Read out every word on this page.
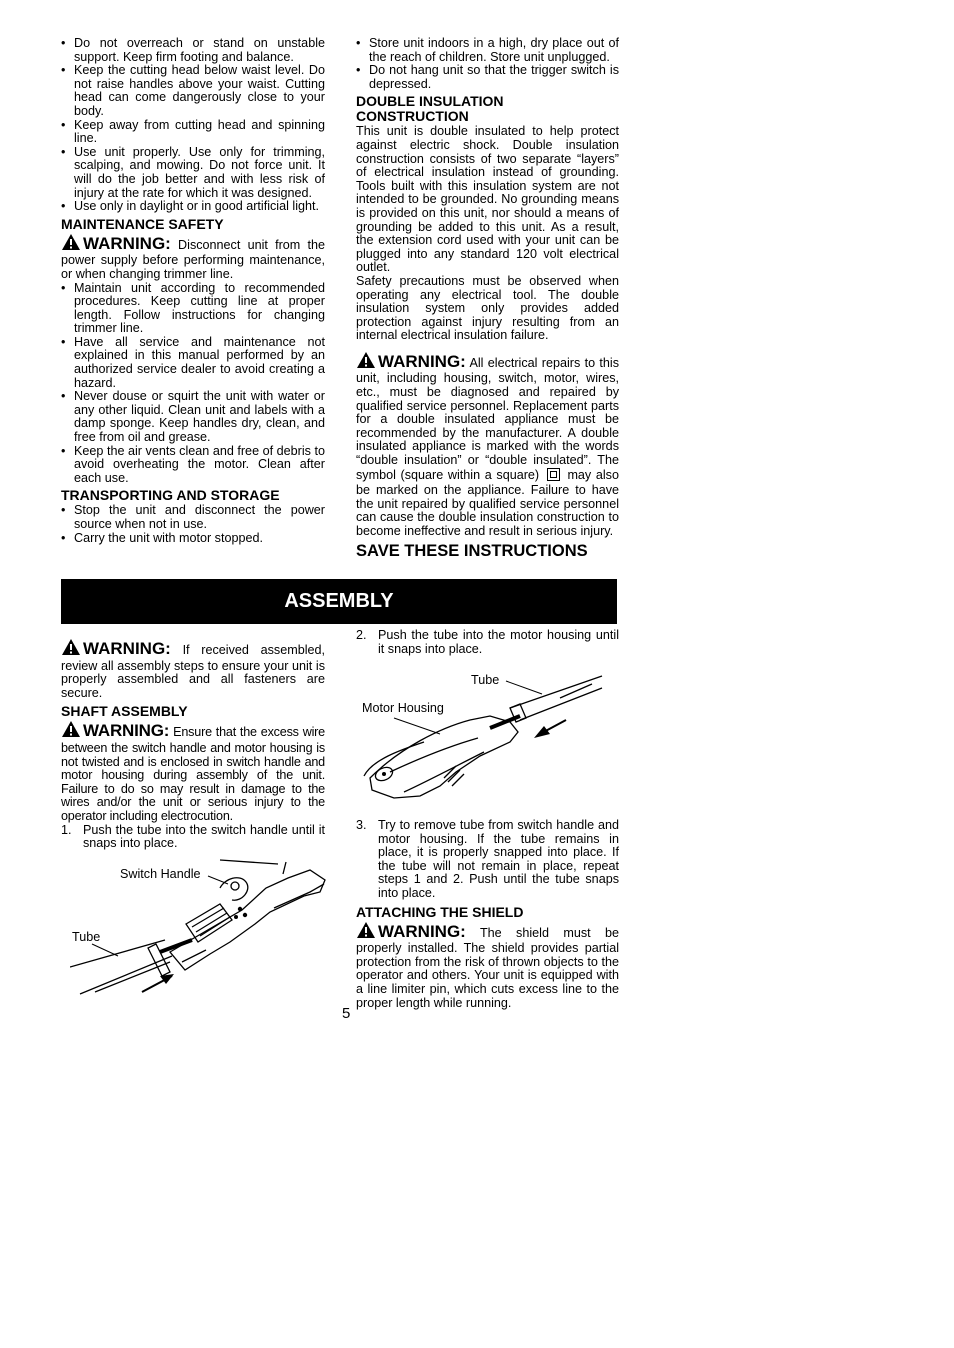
• Do not overreach or stand on unstable support. Keep firm footing and balance.
• Keep the cutting head below waist level. Do not raise handles above your waist. Cutting head can come dangerously close to your body.
• Keep away from cutting head and spinning line.
• Use unit properly. Use only for trimming, scalping, and mowing. Do not force unit. It will do the job better and with less risk of injury at the rate for which it was designed.
• Use only in daylight or in good artificial light.
MAINTENANCE SAFETY

WARNING: Disconnect unit from the power supply before performing maintenance, or when changing trimmer line.

• Maintain unit according to recommended procedures. Keep cutting line at proper length. Follow instructions for changing trimmer line.
• Have all service and maintenance not explained in this manual performed by an authorized service dealer to avoid creating a hazard.
• Never douse or squirt the unit with water or any other liquid. Clean unit and labels with a damp sponge. Keep handles dry, clean, and free from oil and grease.
• Keep the air vents clean and free of debris to avoid overheating the motor. Clean after each use.
TRANSPORTING AND STORAGE
• Stop the unit and disconnect the power source when not in use.
• Carry the unit with motor stopped.
• Store unit indoors in a high, dry place out of the reach of children. Store unit unplugged.
• Do not hang unit so that the trigger switch is depressed.
DOUBLE INSULATION CONSTRUCTION

This unit is double insulated to help protect against electric shock. Double insulation construction consists of two separate “layers” of electrical insulation instead of grounding. Tools built with this insulation system are not intended to be grounded. No grounding means is provided on this unit, nor should a means of grounding be added to this unit. As a result, the extension cord used with your unit can be plugged into any standard 120 volt electrical outlet.

Safety precautions must be observed when operating any electrical tool. The double insulation system only provides added protection against injury resulting from an internal electrical insulation failure.

WARNING: All electrical repairs to this unit, including housing, switch, motor, wires, etc., must be diagnosed and repaired by qualified service personnel. Replacement parts for a double insulated appliance must be recommended by the manufacturer. A double insulated appliance is marked with the words “double insulation” or “double insulated”. The symbol (square within a square) may also be marked on the appliance. Failure to have the unit repaired by qualified service personnel can cause the double insulation construction to become ineffective and result in serious injury.

SAVE THESE INSTRUCTIONS
ASSEMBLY

WARNING: If received assembled, review all assembly steps to ensure your unit is properly assembled and all fasteners are secure.

SHAFT ASSEMBLY

WARNING: Ensure that the excess wire between the switch handle and motor housing is not twisted and is enclosed in switch handle and motor housing during assembly of the unit. Failure to do so may result in damage to the wires and/or the unit or serious injury to the operator including electrocution.

1. Push the tube into the switch handle until it snaps into place.
Switch Handle
Tube
2. Push the tube into the motor housing until it snaps into place.
Tube
Motor Housing
3. Try to remove tube from switch handle and motor housing. If the tube remains in place, it is properly snapped into place. If the tube will not remain in place, repeat steps 1 and 2. Push until the tube snaps into place.
ATTACHING THE SHIELD

WARNING: The shield must be properly installed. The shield provides partial protection from the risk of thrown objects to the operator and others. Your unit is equipped with a line limiter pin, which cuts excess line to the proper length while running.

5
